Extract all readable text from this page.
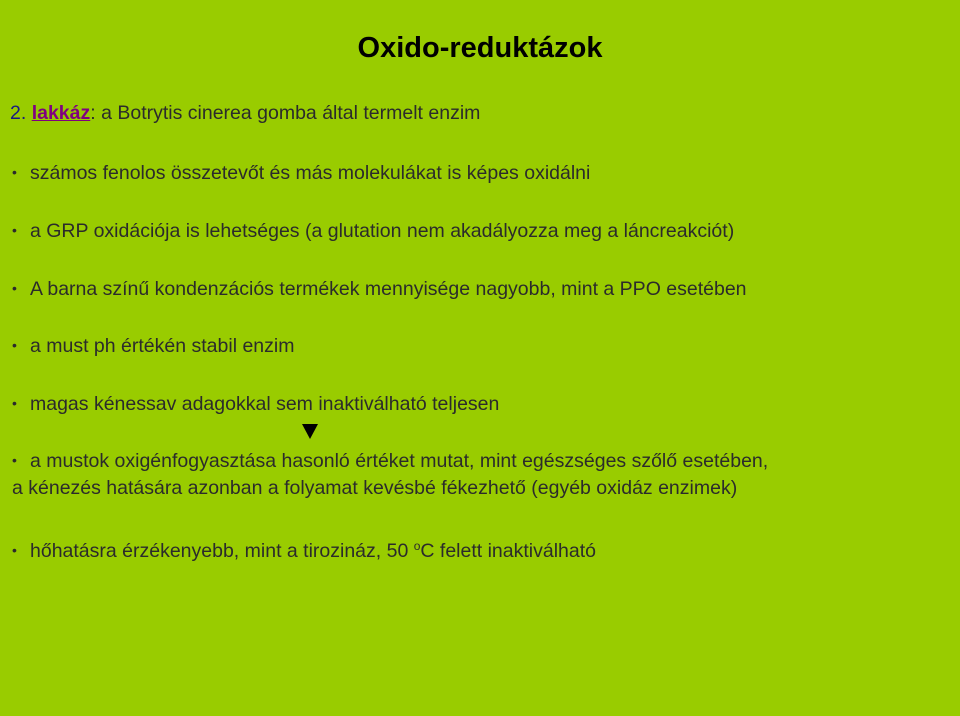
Oxido-reduktázok
2. lakkáz: a Botrytis cinerea gomba által termelt enzim
• számos fenolos összetevőt és más molekulákat is képes oxidálni
• a GRP oxidációja is lehetséges (a glutation nem akadályozza meg a láncreakciót)
• A barna színű kondenzációs termékek mennyisége nagyobb, mint a PPO esetében
• a must ph értékén stabil enzim
• magas kénessav adagokkal sem inaktiválható teljesen
• a mustok oxigénfogyasztása hasonló értéket mutat, mint egészséges szőlő esetében,
a kénezés hatására azonban a folyamat kevésbé fékezhető (egyéb oxidáz enzimek)
• hőhatásra érzékenyebb, mint a tirozináz, 50 $^o$C felett inaktiválható
